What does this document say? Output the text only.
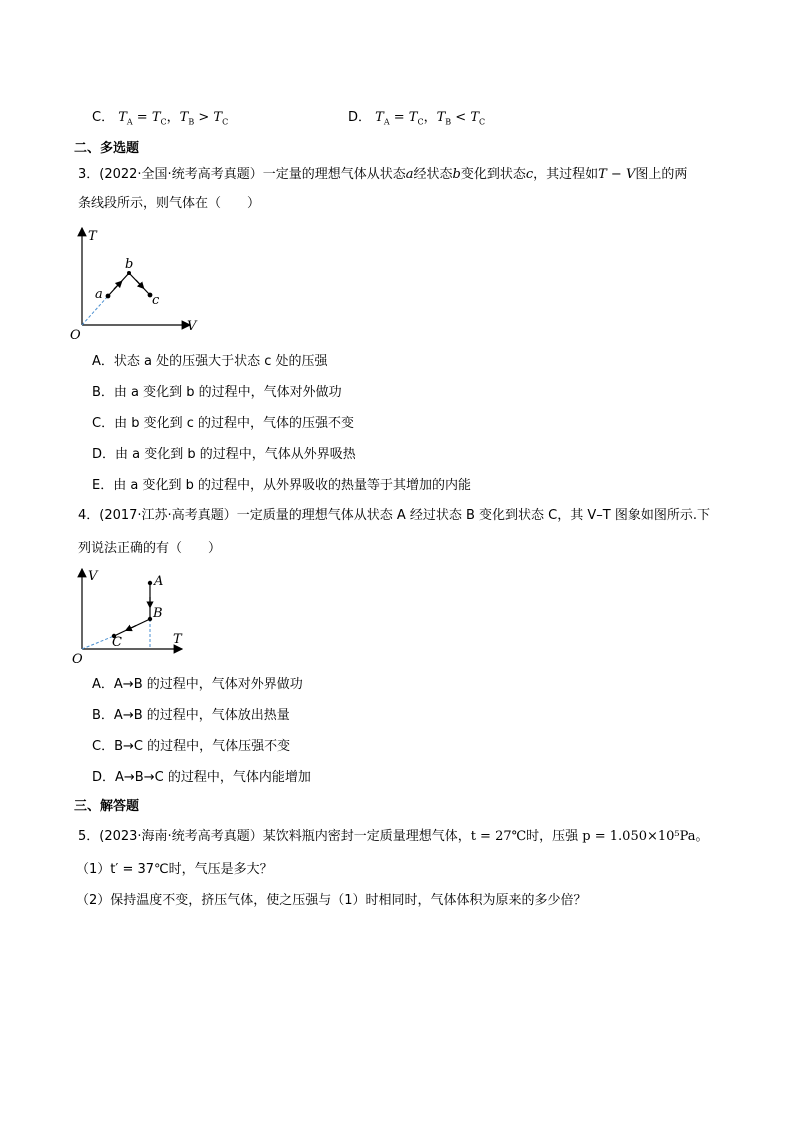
C． $T_A = T_C$，$T_B > T_C$	D． $T_A = T_C$，$T_B < T_C$
二、多选题
3．(2022·全国·统考高考真题）一定量的理想气体从状态a经状态b变化到状态c，其过程如T − V图上的两
条线段所示，则气体在（　　）
T
V
O
a
b
c
A．状态 a 处的压强大于状态 c 处的压强
B．由 a 变化到 b 的过程中，气体对外做功
C．由 b 变化到 c 的过程中，气体的压强不变
D．由 a 变化到 b 的过程中，气体从外界吸热
E．由 a 变化到 b 的过程中，从外界吸收的热量等于其增加的内能
4．(2017·江苏·高考真题）一定质量的理想气体从状态 A 经过状态 B 变化到状态 C，其 V–T 图象如图所示.下
列说法正确的有（　　）
V
T
O
A
B
C
A．A→B 的过程中，气体对外界做功
B．A→B 的过程中，气体放出热量
C．B→C 的过程中，气体压强不变
D．A→B→C 的过程中，气体内能增加
三、解答题
5．(2023·海南·统考高考真题）某饮料瓶内密封一定质量理想气体，t = 27℃时，压强 p = 1.050×10⁵Pa。
（1）t′ = 37℃时，气压是多大？
（2）保持温度不变，挤压气体，使之压强与（1）时相同时，气体体积为原来的多少倍？
